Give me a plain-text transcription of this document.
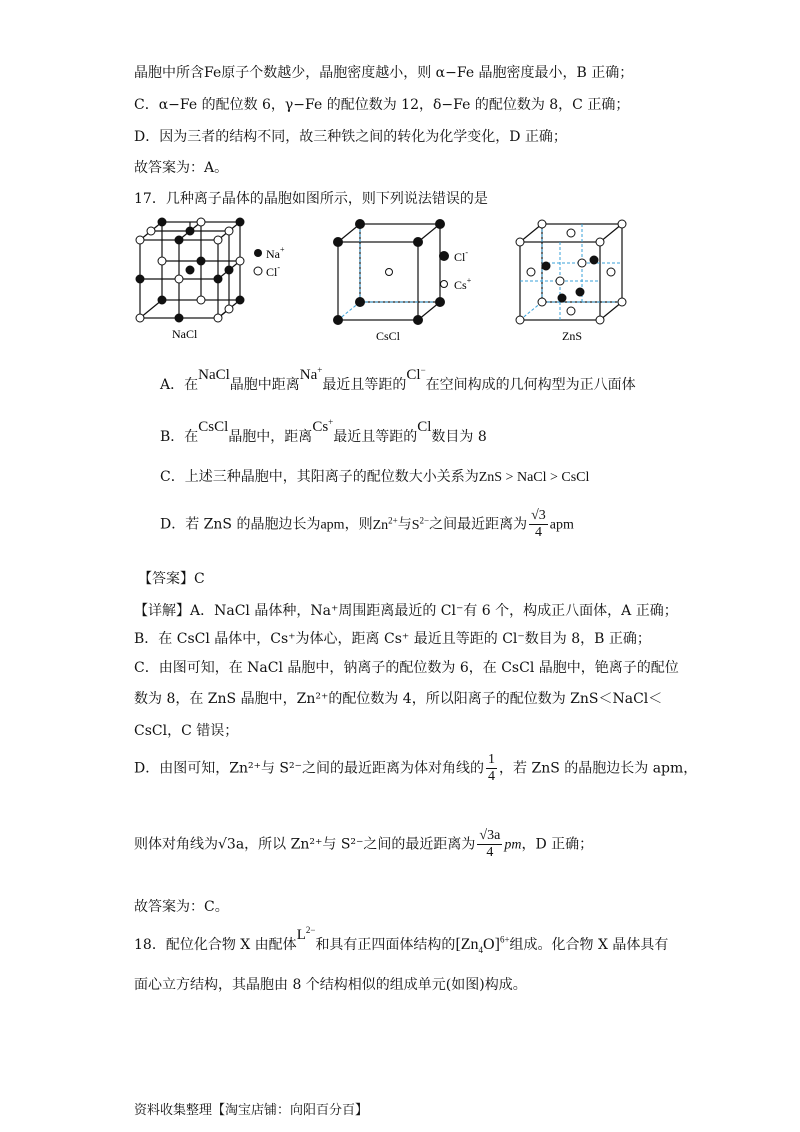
晶胞中所含Fe原子个数越少，晶胞密度越小，则 α−Fe 晶胞密度最小，B 正确；
C．α−Fe 的配位数 6，γ−Fe 的配位数为 12，δ−Fe 的配位数为 8，C 正确；
D．因为三者的结构不同，故三种铁之间的转化为化学变化，D 正确；
故答案为：A。
17．几种离子晶体的晶胞如图所示，则下列说法错误的是
Na+
Cl-
NaCl
Cl-
Cs+
CsCl	ZnS
A．在NaCl晶胞中距离Na+最近且等距的Cl−在空间构成的几何构型为正八面体
B．在CsCl晶胞中，距离Cs+最近且等距的Cl数目为 8
C．上述三种晶胞中，其阳离子的配位数大小关系为ZnS > NaCl > CsCl
D．若 ZnS 的晶胞边长为apm，则$Zn^{2+}$与$S^{2-}$之间最近距离为 $\frac{√3}{4}$ apm
【答案】C
【详解】A．NaCl 晶体种，Na⁺周围距离最近的 Cl⁻有 6 个，构成正八面体，A 正确；
B．在 CsCl 晶体中，Cs⁺为体心，距离 Cs⁺ 最近且等距的 Cl⁻数目为 8，B 正确；
C．由图可知，在 NaCl 晶胞中，钠离子的配位数为 6，在 CsCl 晶胞中，铯离子的配位
数为 8，在 ZnS 晶胞中，Zn²⁺的配位数为 4，所以阳离子的配位数为 ZnS＜NaCl＜
CsCl，C 错误；
D．由图可知，Zn²⁺与 S²⁻之间的最近距离为体对角线的 $\frac{1}{4}$ ，若 ZnS 的晶胞边长为 apm，
则体对角线为√3a，所以 Zn²⁺与 S²⁻之间的最近距离为 $\frac{√3a}{4}$ pm，D 正确；
故答案为：C。
18．配位化合物 X 由配体$L^{2-}$和具有正四面体结构的$[Zn_4O]^{6+}$组成。化合物 X 晶体具有
面心立方结构，其晶胞由 8 个结构相似的组成单元(如图)构成。
资料收集整理【淘宝店铺：向阳百分百】
